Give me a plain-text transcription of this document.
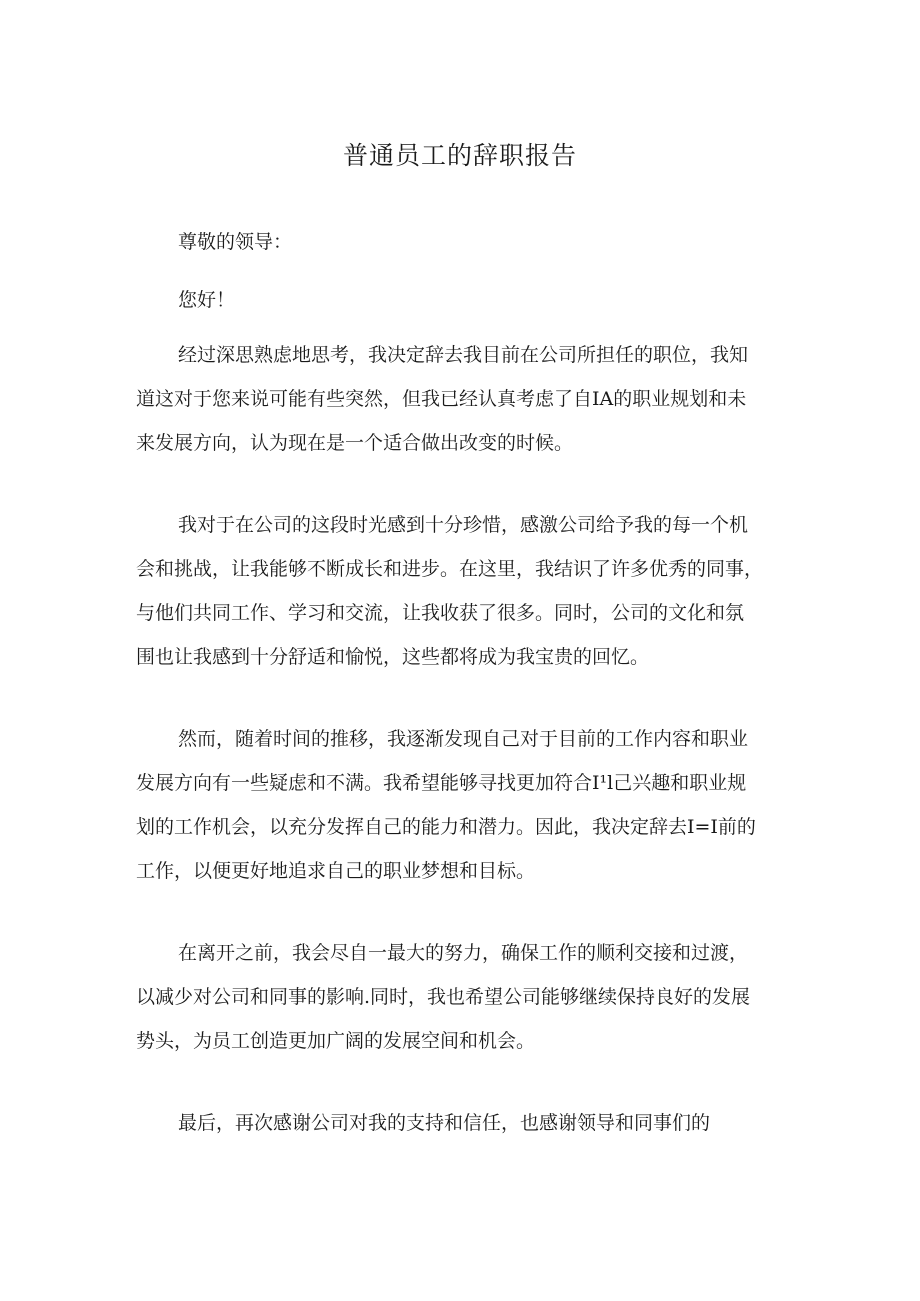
普通员工的辞职报告

尊敬的领导：

您好！

经过深思熟虑地思考，我决定辞去我目前在公司所担任的职位，我知
道这对于您来说可能有些突然，但我已经认真考虑了自IA的职业规划和未
来发展方向，认为现在是一个适合做出改变的时候。

我对于在公司的这段时光感到十分珍惜，感激公司给予我的每一个机
会和挑战，让我能够不断成长和进步。在这里，我结识了许多优秀的同事，
与他们共同工作、学习和交流，让我收获了很多。同时，公司的文化和氛
围也让我感到十分舒适和愉悦，这些都将成为我宝贵的回忆。

然而，随着时间的推移，我逐渐发现自己对于目前的工作内容和职业
发展方向有一些疑虑和不满。我希望能够寻找更加符合I¹l己兴趣和职业规
划的工作机会，以充分发挥自己的能力和潜力。因此，我决定辞去I=I前的
工作，以便更好地追求自己的职业梦想和目标。

在离开之前，我会尽自一最大的努力，确保工作的顺利交接和过渡，
以减少对公司和同事的影响.同时，我也希望公司能够继续保持良好的发展
势头，为员工创造更加广阔的发展空间和机会。

最后，再次感谢公司对我的支持和信任，也感谢领导和同事们的
